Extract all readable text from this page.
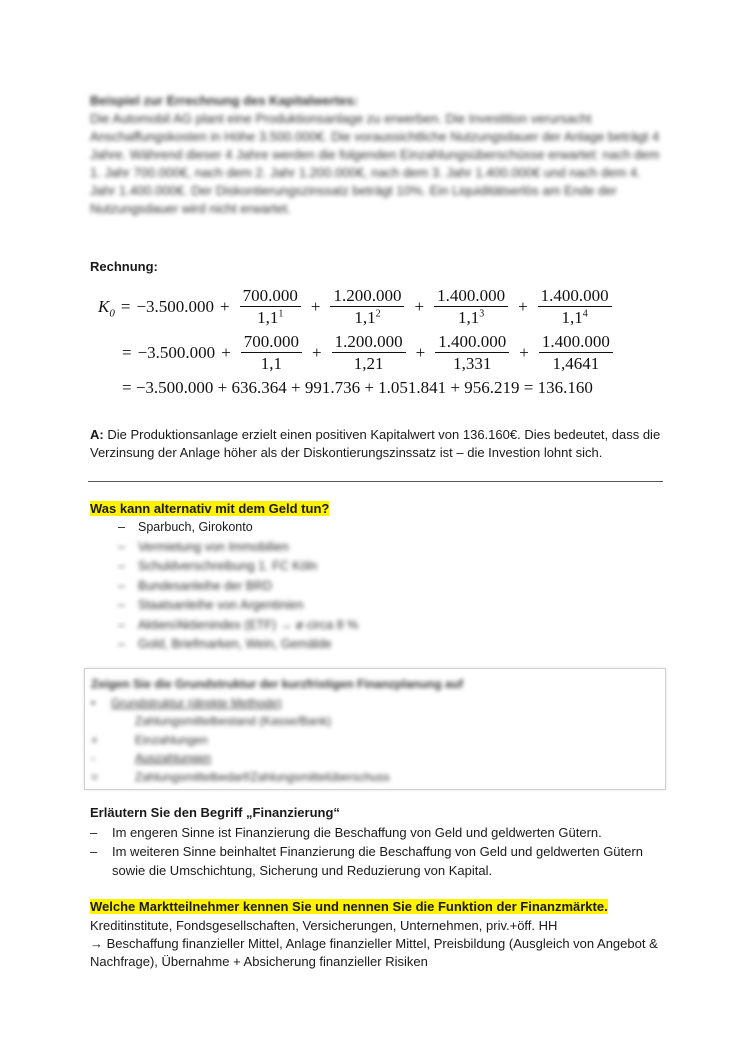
Beispiel zur Errechnung des Kapitalwertes:
Die Automobil AG plant eine Produktionsanlage zu erwerben. Die Investition verursacht Anschaffungskosten in Höhe 3.500.000€. Die voraussichtliche Nutzungsdauer der Anlage beträgt 4 Jahre. Während dieser 4 Jahre werden die folgenden Einzahlungsüberschüsse erwartet: nach dem 1. Jahr 700.000€, nach dem 2. Jahr 1.200.000€, nach dem 3. Jahr 1.400.000€ und nach dem 4. Jahr 1.400.000€. Der Diskontierungszinssatz beträgt 10%. Ein Liquiditätserlös am Ende der Nutzungsdauer wird nicht erwartet.
Rechnung:
$K_0 = -3.500.000 + \frac{700.000}{1,1^1} + \frac{1.200.000}{1,1^2} + \frac{1.400.000}{1,1^3} + \frac{1.400.000}{1,1^4}$
= $-3.500.000 + \frac{700.000}{1,1} + \frac{1.200.000}{1,21} + \frac{1.400.000}{1,331} + \frac{1.400.000}{1,4641}$
= −3.500.000 + 636.364 + 991.736 + 1.051.841 + 956.219 = 136.160
A: Die Produktionsanlage erzielt einen positiven Kapitalwert von 136.160€. Dies bedeutet, dass die Verzinsung der Anlage höher als der Diskontierungszinssatz ist – die Investion lohnt sich.
Was kann alternativ mit dem Geld tun?
–	Sparbuch, Girokonto
–	Vermietung von Immobilien
–	Schuldverschreibung 1. FC Köln
–	Bundesanleihe der BRD
–	Staatsanleihe von Argentinien
–	Aktien/Aktienindex (ETF) → ø circa 8 %
–	Gold, Briefmarken, Wein, Gemälde
Zeigen Sie die Grundstruktur der kurzfristigen Finanzplanung auf
•	Grundstruktur (direkte Methode)
Zahlungsmittelbestand (Kasse/Bank)
+	Einzahlungen
-	Auszahlungen
=	Zahlungsmittelbedarf/Zahlungsmittelüberschuss
Erläutern Sie den Begriff „Finanzierung“
–	Im engeren Sinne ist Finanzierung die Beschaffung von Geld und geldwerten Gütern.
–	Im weiteren Sinne beinhaltet Finanzierung die Beschaffung von Geld und geldwerten Gütern sowie die Umschichtung, Sicherung und Reduzierung von Kapital.
Welche Marktteilnehmer kennen Sie und nennen Sie die Funktion der Finanzmärkte.
Kreditinstitute, Fondsgesellschaften, Versicherungen, Unternehmen, priv.+öff. HH
→ Beschaffung finanzieller Mittel, Anlage finanzieller Mittel, Preisbildung (Ausgleich von Angebot & Nachfrage), Übernahme + Absicherung finanzieller Risiken
